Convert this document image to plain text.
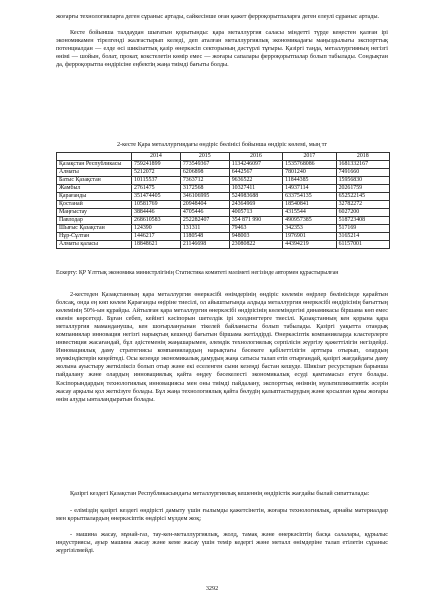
жоғарғы технологияларға деген сұраныс артады, сайкесінше оған қажет ферроқорытпаларға деген елеулі сұраныс артады.

Кесте бойынша талдаудан шығатын қорытынды: қара металлургия саласы міндетті түрде кеңестен қалған ірі экономикамен тірелгенді жалғастырып келеді, деп аталған металлургиялық экономикадағы маңыздылығы экспорттық потенциалдан — елде өсі шикізаттық қазір өнеркәсіп секторының дәстүрлі тұғыры. Қазіргі таңда, металлургияның негізгі өнімі — шойын, болат, прокат, кокстелетін көмір емес — жоғары сапалары ферроқорытпалар болып табылады. Сондықтан да, ферроқорытпа өндірісіне еңбектің жаңа тиімді бағыты болды.

2-кесте Қара металлургиядағы өндіріс бөлінісі бойынша өндіріс көлемі, мың тг

	2014	2015	2016	2017	2018
Қазақстан Республикасы	759241899	773549367	1134246097	1535768086	1681332167
Алматы	5212072	6206898	6442567	7801240	7491660
Батыс Қазақстан	10115537	7363712	9636522	11844385	15956830
Жамбыл	2761475	3172568	10327411	14937114	20261759
Қарағанды	351474405	346106995	524983688	633754135	652522145
Қостанай	10581769	20948404	24364969	18540841	32782272
Маңғыстау	3884446	4705446	4005713	4315544	6027200
Павлодар	268610583	252282407	354 871 990	490957385	518723408
Шығыс Қазақстан	124390	131311	79463	342353	517169
Нұр-Сұлтан	1446217	1180548	948003	1976901	3165214
Алматы қаласы	18848621	21146698	23080822	44394219	61157001

Ескерту: ҚР Ұлттық экономика министрлігінің Статистика комитеті мәліметі негізінде автормен құрастырылған

2-кестеден Қазақстанның қара металлургия өнеркәсібі өнімдерінің өндіріс көлемін өңірлер бөлінісінде қарайтын болсақ, онда ең көп көлем Қарағанды өңіріне тиесілі, ол айыштығында алдыда металлургия өнеркәсібі өндірісінің бағыттың көлемінің 50%-ын құрайды. Айтылған қара металлургия өнеркәсібі өндірісінің көлеміндегіні динамикасы біршама көп емес екенін көрсетеді. Бұған себеп, кейінгі кәсіпорын шетелдік ірі холдингтерге тиесілі. Қазақстанның кен қорына қара металлургия маманданушы, кен шоғырлануынан тікелей байланысты болып табылады. Қазіргі уақытта отандық компаниялар инновация негізгі нарықтың кешенді бағытын біршама жетілдірді. Өнеркәсіптік компанияларда кластерлерге инвестиция жасағандай, бұл әдістеменің жаңашарымен, әлемдік технологиялық серпілісін жүргізу қажеттілігін негіздейді. Инновациялық даму стратегиясы компаниялардың нарықтағы бәсекеге қабілеттілігін арттыра отырып, олардың мүмкіндіктерін кеңейтеді. Осы кезеңде экономикалық дамудың жаңа сатысы талап етіп отырғандай, қазіргі жағдайдағы даму жолына ауыстыру жеткіліксіз болып отыр және екі еселенген сыни кезеңді бастан кешуде. Шикізат ресурстарын барынша пайдалану және олардың инновациялық қайта өңдеу бәсекелесті экономикалық есуді қамтамасыз етуге болады. Кәсіпорындардың технологиялық инновациясы мен оны тиімді пайдалану, экспорттық өнімнің мультипликативтік әсерін жасау арқылы қол жеткізуге болады. Бұл жаңа технологиялық қайта бөлудің қалыптастырудың және қосылған құны жоғары өнім алуды ынталандыратын болады.

Қазіргі кездегі Қазақстан Республикасындағы металлургиялық кешеннің өндірістік жағдайы былай сипатталады:

- еліміздің қазіргі кездегі өндірісті дамыту үшін ғылымды қажетсінетін, жоғары технологиялық, арнайы материалдар мен қорытпалардың өнеркәсіптік өндірісі мүлдем жоқ;

- машина жасау, мұнай-газ, тау-кен-металлургиялық, жолд, тамақ және өнеркәсіптің басқа салалары, құрылыс индустриясы, ауыр машина жасау және кеме жасау үшін темір кедергі және металл өнімдеріне талап етілетін сұраныс жүргізілмейді.

3292
